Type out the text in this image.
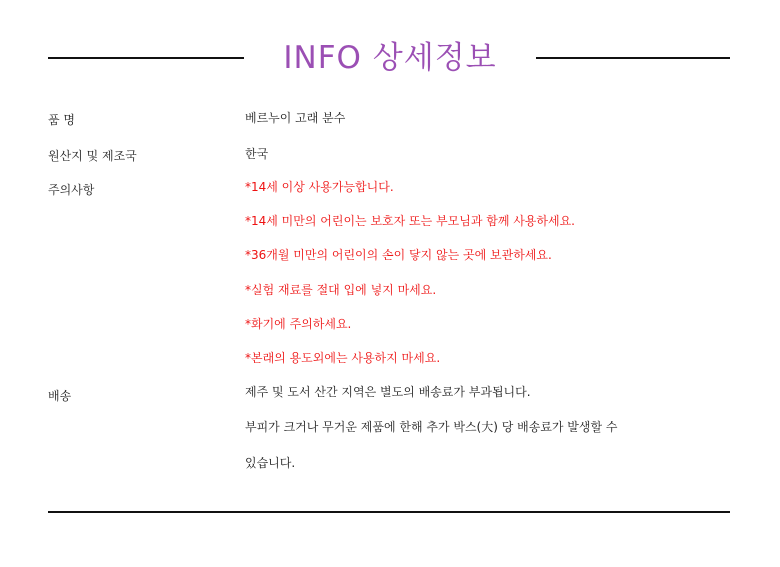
INFO 상세정보
품 명	베르누이 고래 분수
원산지 및 제조국	한국
주의사항	*14세 이상 사용가능합니다.
*14세 미만의 어린이는 보호자 또는 부모님과 함께 사용하세요.
*36개월 미만의 어린이의 손이 닿지 않는 곳에 보관하세요.
*실험 재료를 절대 입에 넣지 마세요.
*화기에 주의하세요.
*본래의 용도외에는 사용하지 마세요.
배송	제주 및 도서 산간 지역은 별도의 배송료가 부과됩니다.
부피가 크거나 무거운 제품에 한해 추가 박스(大) 당 배송료가 발생할 수
있습니다.
